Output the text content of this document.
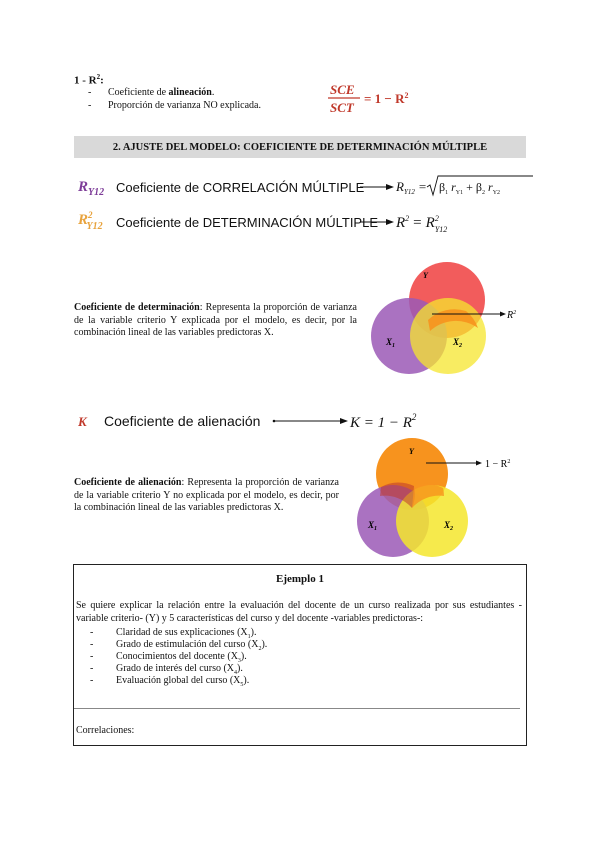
$1 - R^2$:
- Coeficiente de alineación.
- Proporción de varianza NO explicada.
SCE
SCT
= $1 - R^2$
2. AJUSTE DEL MODELO: COEFICIENTE DE DETERMINACIÓN MÚLTIPLE
$R_{Y12}$	$R_{Y12} = \beta_1$ $r_{Y1} + \beta_2$ $r_{Y2}$
Coeficiente de CORRELACIÓN MÚLTIPLE
$R^2$ Y12	$R^2 = R^2$ Y12
Coeficiente de DETERMINACIÓN MÚLTIPLE
Y
$X_1$	$X_2$
$R^2$
Coeficiente de determinación: Representa la proporción de varianza de la variable criterio Y explicada por el modelo, es decir, por la combinación lineal de las variables predictoras X.
K Coeficiente de alienación	$K = 1 - R^2$
Y
$X_1$	$X_2$
$1 - R^2$
Coeficiente de alienación: Representa la proporción de varianza de la variable criterio Y no explicada por el modelo, es decir, por la combinación lineal de las variables predictoras X.
Ejemplo 1
Se quiere explicar la relación entre la evaluación del docente de un curso realizada por sus estudiantes -variable criterio- (Y) y 5 características del curso y del docente -variables predictoras-:
- Claridad de sus explicaciones $(X_1)$.
- Grado de estimulación del curso $(X_2)$.
- Conocimientos del docente $(X_3)$.
- Grado de interés del curso $(X_4)$.
- Evaluación global del curso $(X_5)$.
Correlaciones:
